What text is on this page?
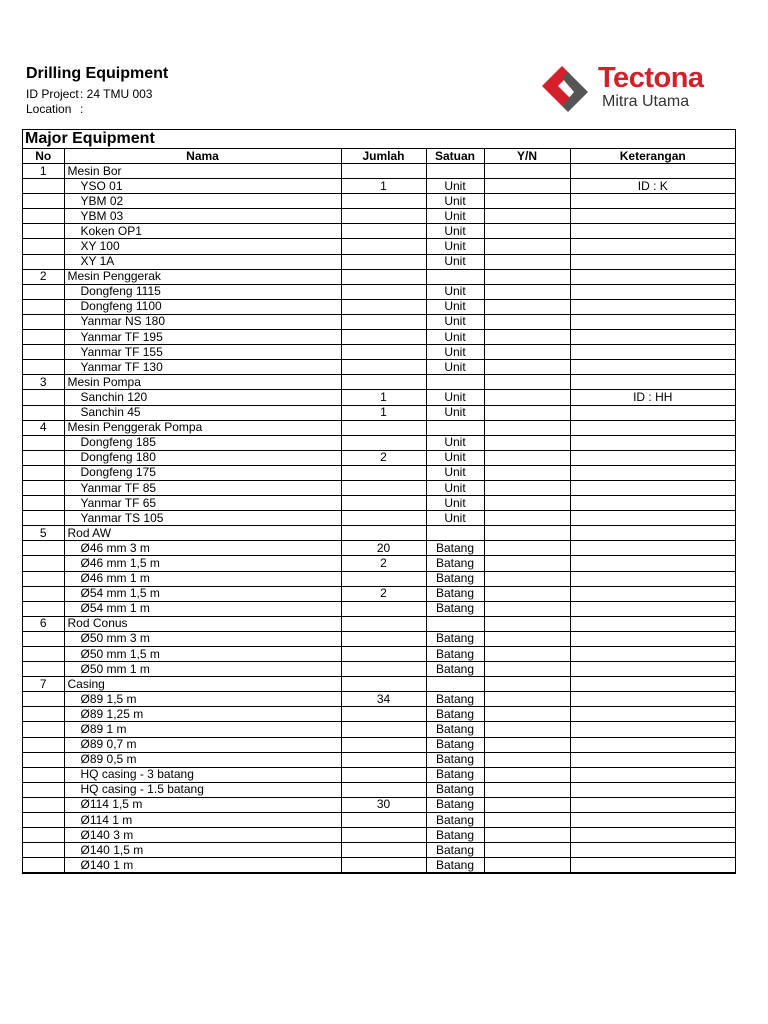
Drilling Equipment
ID Project: 24 TMU 003
Location :
Tectona
Mitra Utama
Major Equipment
No	Nama	Jumlah	Satuan	Y/N	Keterangan
1	Mesin Bor				
	YSO 01	1	Unit		ID : K
	YBM 02		Unit		
	YBM 03		Unit		
	Koken OP1		Unit		
	XY 100		Unit		
	XY 1A		Unit		
2	Mesin Penggerak				
	Dongfeng 1115		Unit		
	Dongfeng 1100		Unit		
	Yanmar NS 180		Unit		
	Yanmar TF 195		Unit		
	Yanmar TF 155		Unit		
	Yanmar TF 130		Unit		
3	Mesin Pompa				
	Sanchin 120	1	Unit		ID : HH
	Sanchin 45	1	Unit		
4	Mesin Penggerak Pompa				
	Dongfeng 185		Unit		
	Dongfeng 180	2	Unit		
	Dongfeng 175		Unit		
	Yanmar TF 85		Unit		
	Yanmar TF 65		Unit		
	Yanmar TS 105		Unit		
5	Rod AW				
	Ø46 mm 3 m	20	Batang		
	Ø46 mm 1,5 m	2	Batang		
	Ø46 mm 1 m		Batang		
	Ø54 mm 1,5 m	2	Batang		
	Ø54 mm 1 m		Batang		
6	Rod Conus				
	Ø50 mm 3 m		Batang		
	Ø50 mm 1,5 m		Batang		
	Ø50 mm 1 m		Batang		
7	Casing				
	Ø89 1,5 m	34	Batang		
	Ø89 1,25 m		Batang		
	Ø89 1 m		Batang		
	Ø89 0,7 m		Batang		
	Ø89 0,5 m		Batang		
	HQ casing - 3 batang		Batang		
	HQ casing - 1.5 batang		Batang		
	Ø114 1,5 m	30	Batang		
	Ø114 1 m		Batang		
	Ø140 3 m		Batang		
	Ø140 1,5 m		Batang		
	Ø140 1 m		Batang		
